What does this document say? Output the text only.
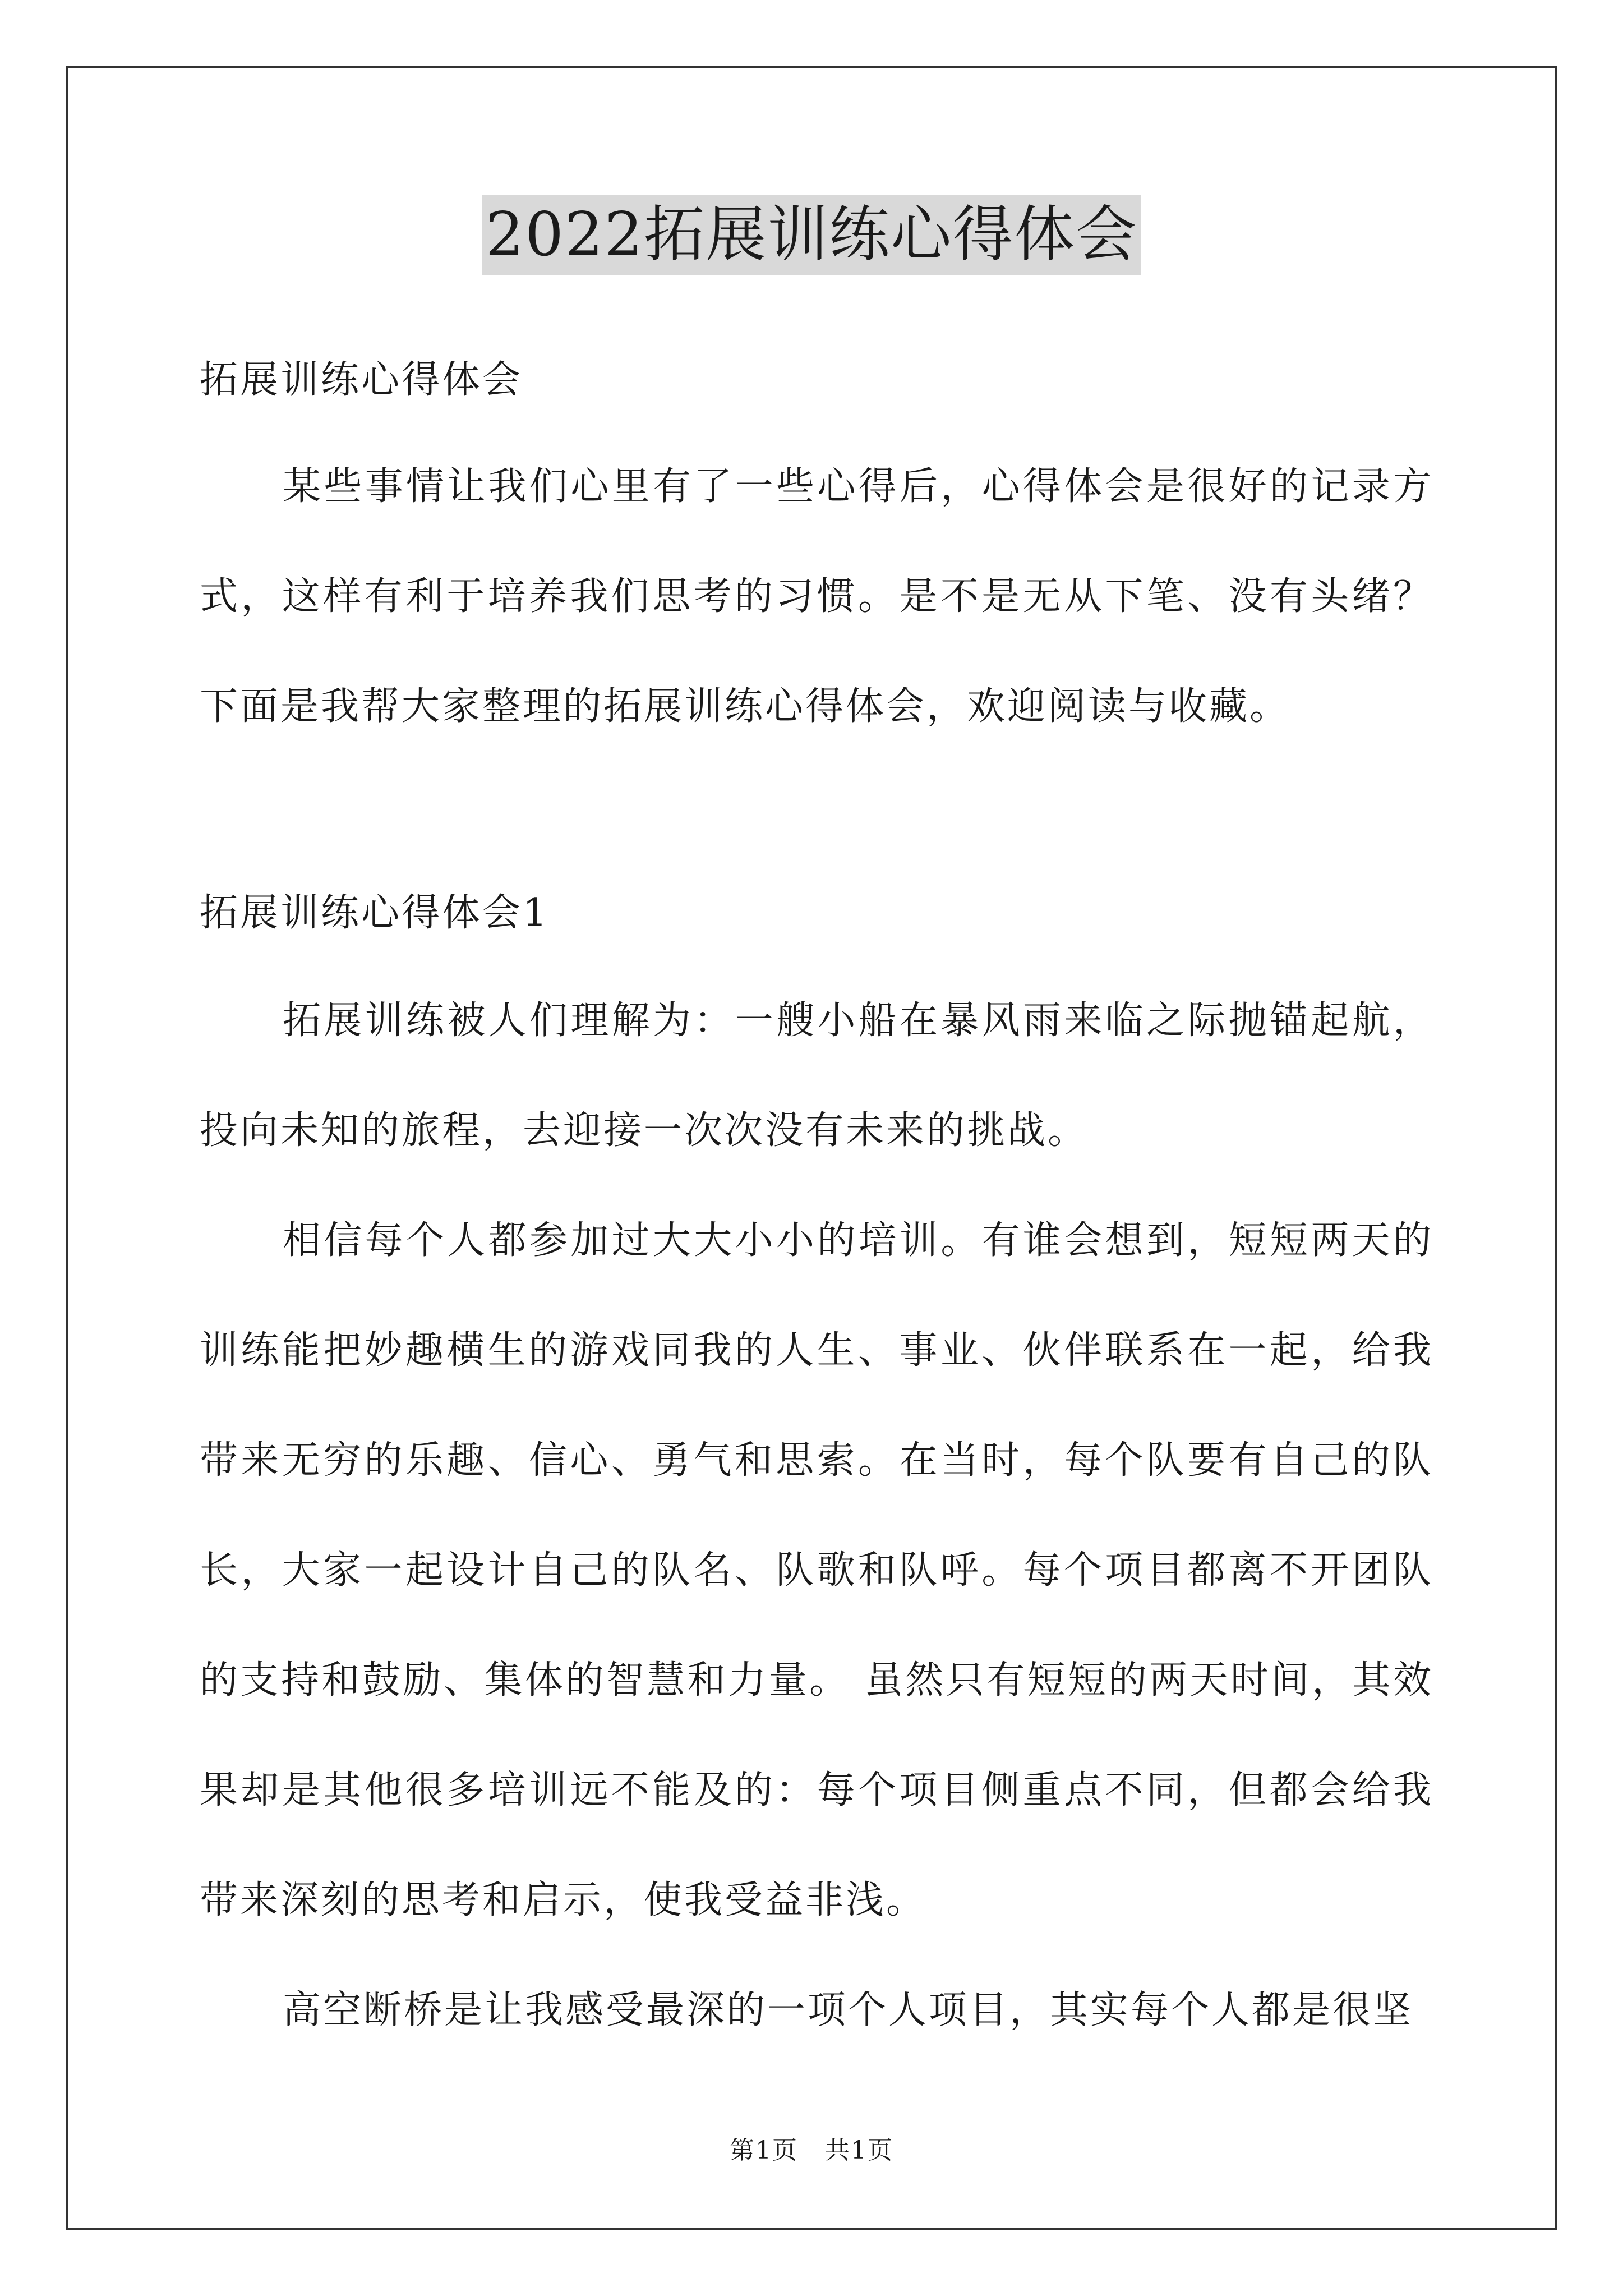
2022拓展训练心得体会
拓展训练心得体会

某些事情让我们心里有了一些心得后，心得体会是很好的记录方式，这样有利于培养我们思考的习惯。是不是无从下笔、没有头绪？下面是我帮大家整理的拓展训练心得体会，欢迎阅读与收藏。

拓展训练心得体会1

拓展训练被人们理解为：一艘小船在暴风雨来临之际抛锚起航，投向未知的旅程，去迎接一次次没有未来的挑战。

相信每个人都参加过大大小小的培训。有谁会想到，短短两天的训练能把妙趣横生的游戏同我的人生、事业、伙伴联系在一起，给我带来无穷的乐趣、信心、勇气和思索。在当时，每个队要有自己的队长，大家一起设计自己的队名、队歌和队呼。每个项目都离不开团队的支持和鼓励、集体的智慧和力量。 虽然只有短短的两天时间，其效果却是其他很多培训远不能及的：每个项目侧重点不同，但都会给我带来深刻的思考和启示，使我受益非浅。

高空断桥是让我感受最深的一项个人项目，其实每个人都是很坚

第1页 共1页
